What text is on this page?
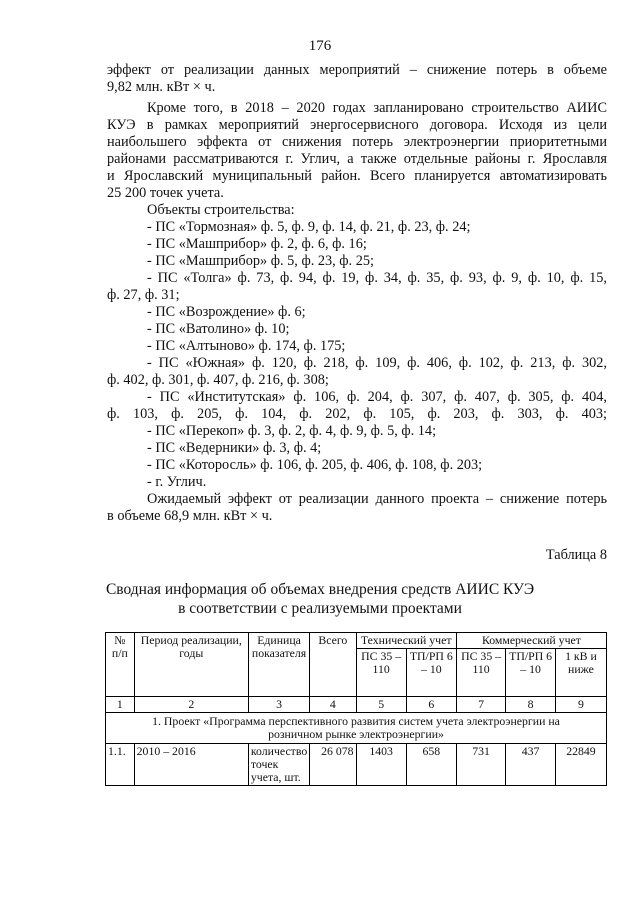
176
эффект от реализации данных мероприятий – снижение потерь в объеме
9,82 млн. кВт × ч.
Кроме того, в 2018 – 2020 годах запланировано строительство АИИС
КУЭ в рамках мероприятий энергосервисного договора. Исходя из цели
наибольшего эффекта от снижения потерь электроэнергии приоритетными
районами рассматриваются г. Углич, а также отдельные районы г. Ярославля
и Ярославский муниципальный район. Всего планируется автоматизировать
25 200 точек учета.
Объекты строительства:
- ПС «Тормозная» ф. 5, ф. 9, ф. 14, ф. 21, ф. 23, ф. 24;
- ПС «Машприбор» ф. 2, ф. 6, ф. 16;
- ПС «Машприбор» ф. 5, ф. 23, ф. 25;
- ПС «Толга» ф. 73, ф. 94, ф. 19, ф. 34, ф. 35, ф. 93, ф. 9, ф. 10, ф. 15,
ф. 27, ф. 31;
- ПС «Возрождение» ф. 6;
- ПС «Ватолино» ф. 10;
- ПС «Алтыново» ф. 174, ф. 175;
- ПС «Южная» ф. 120, ф. 218, ф. 109, ф. 406, ф. 102, ф. 213, ф. 302,
ф. 402, ф. 301, ф. 407, ф. 216, ф. 308;
- ПС «Институтская» ф. 106, ф. 204, ф. 307, ф. 407, ф. 305, ф. 404,
ф. 103, ф. 205, ф. 104, ф. 202, ф. 105, ф. 203, ф. 303, ф. 403;
- ПС «Перекоп» ф. 3, ф. 2, ф. 4, ф. 9, ф. 5, ф. 14;
- ПС «Ведерники» ф. 3, ф. 4;
- ПС «Которосль» ф. 106, ф. 205, ф. 406, ф. 108, ф. 203;
- г. Углич.
Ожидаемый эффект от реализации данного проекта – снижение потерь
в объеме 68,9 млн. кВт × ч.
Таблица 8
Сводная информация об объемах внедрения средств АИИС КУЭ
в соответствии с реализуемыми проектами
№ п/п	Период реализации, годы	Единица показателя	Всего	Технический учет		Коммерческий учет		
				ПС 35 – 110	ТП/РП 6 – 10	ПС 35 – 110	ТП/РП 6 – 10	1 кВ и ниже
1	2	3	4	5	6	7	8	9
1. Проект «Программа перспективного развития систем учета электроэнергии на розничном рынке электроэнергии»								
1.1.	2010 – 2016	количество точек учета, шт.	26 078	1403	658	731	437	22849
